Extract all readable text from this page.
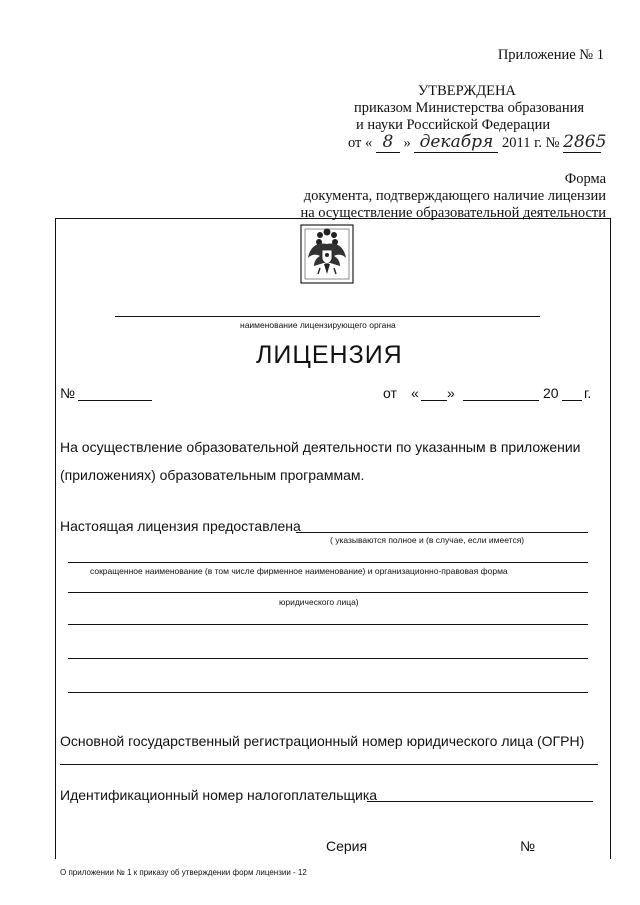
Приложение № 1
УТВЕРЖДЕНА
приказом Министерства образования
и науки Российской Федерации
от « 8 » декабря 2011 г. № 2865
Форма
документа, подтверждающего наличие лицензии
на осуществление образовательной деятельности
наименование лицензирующего органа
ЛИЦЕНЗИЯ
№	от « »	20 г.
На осуществление образовательной деятельности по указанным в приложении
(приложениях) образовательным программам.
Настоящая лицензия предоставлена
( указываются полное и (в случае, если имеется)
сокращенное наименование (в том числе фирменное наименование) и организационно-правовая форма
юридического лица)
Основной государственный регистрационный номер юридического лица (ОГРН)
Идентификационный номер налогоплательщика
Серия	№
О приложении № 1 к приказу об утверждении форм лицензии - 12
